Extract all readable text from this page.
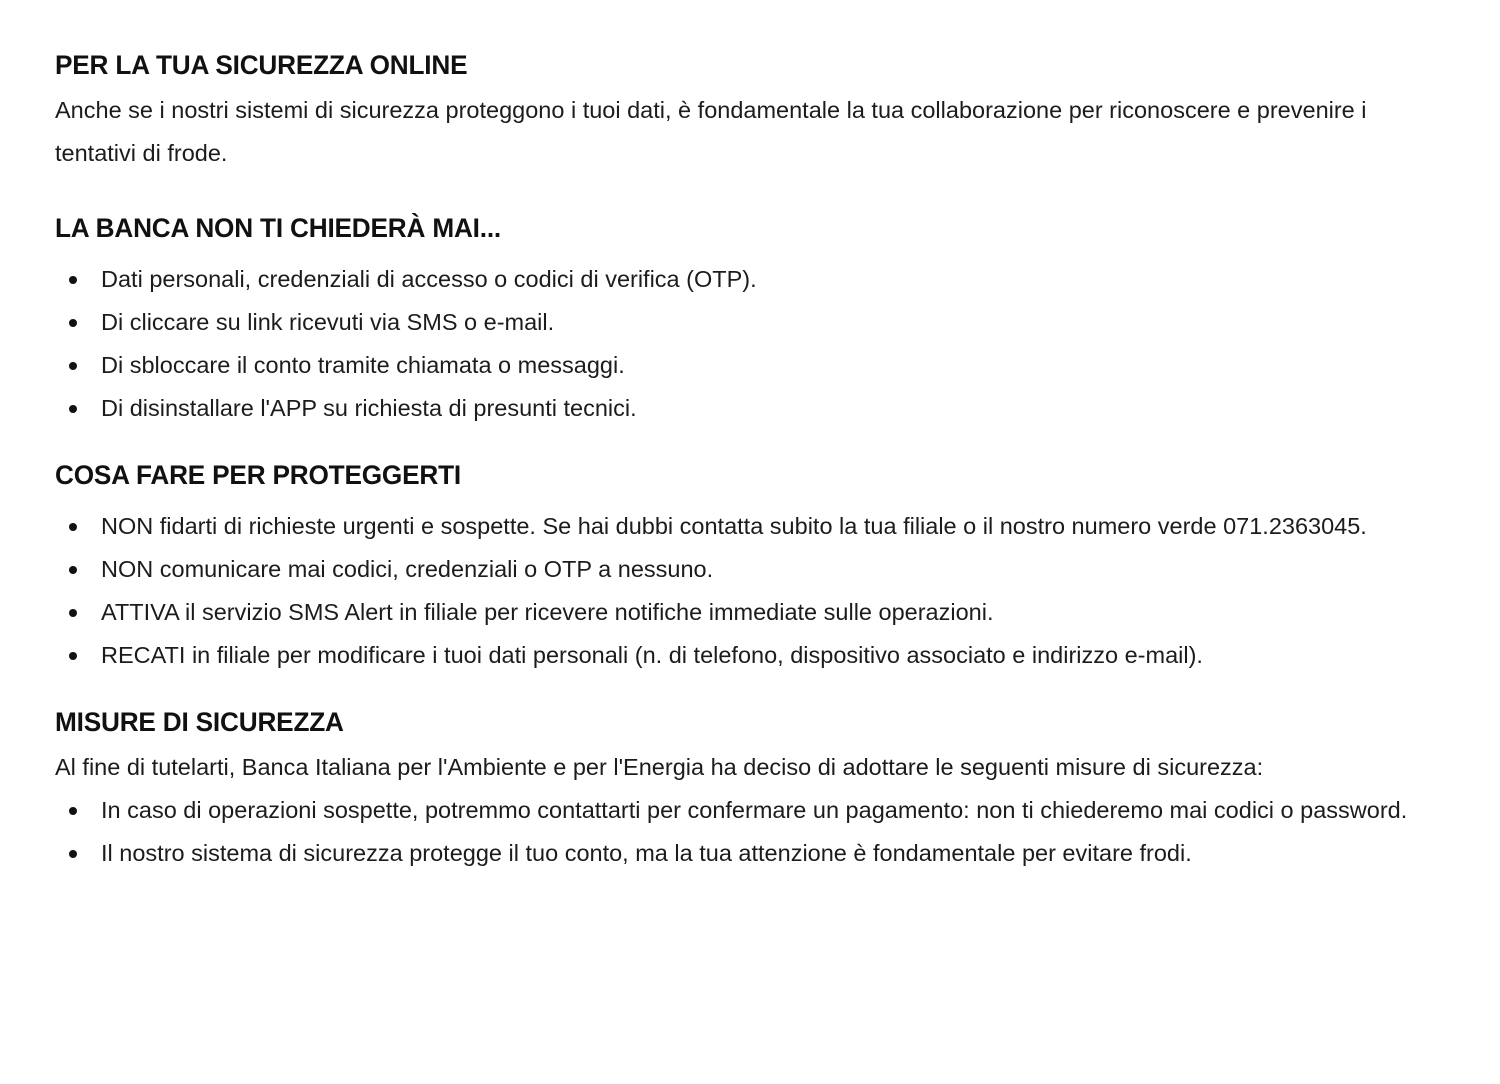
PER LA TUA SICUREZZA ONLINE

Anche se i nostri sistemi di sicurezza proteggono i tuoi dati, è fondamentale la tua collaborazione per riconoscere e prevenire i tentativi di frode.

LA BANCA NON TI CHIEDERÀ MAI...
Dati personali, credenziali di accesso o codici di verifica (OTP).
Di cliccare su link ricevuti via SMS o e-mail.
Di sbloccare il conto tramite chiamata o messaggi.
Di disinstallare l'APP su richiesta di presunti tecnici.
COSA FARE PER PROTEGGERTI
NON fidarti di richieste urgenti e sospette. Se hai dubbi contatta subito la tua filiale o il nostro numero verde 071.2363045.
NON comunicare mai codici, credenziali o OTP a nessuno.
ATTIVA il servizio SMS Alert in filiale per ricevere notifiche immediate sulle operazioni.
RECATI in filiale per modificare i tuoi dati personali (n. di telefono, dispositivo associato e indirizzo e-mail).
MISURE DI SICUREZZA

Al fine di tutelarti, Banca Italiana per l'Ambiente e per l'Energia ha deciso di adottare le seguenti misure di sicurezza:

In caso di operazioni sospette, potremmo contattarti per confermare un pagamento: non ti chiederemo mai codici o password.
Il nostro sistema di sicurezza protegge il tuo conto, ma la tua attenzione è fondamentale per evitare frodi.
